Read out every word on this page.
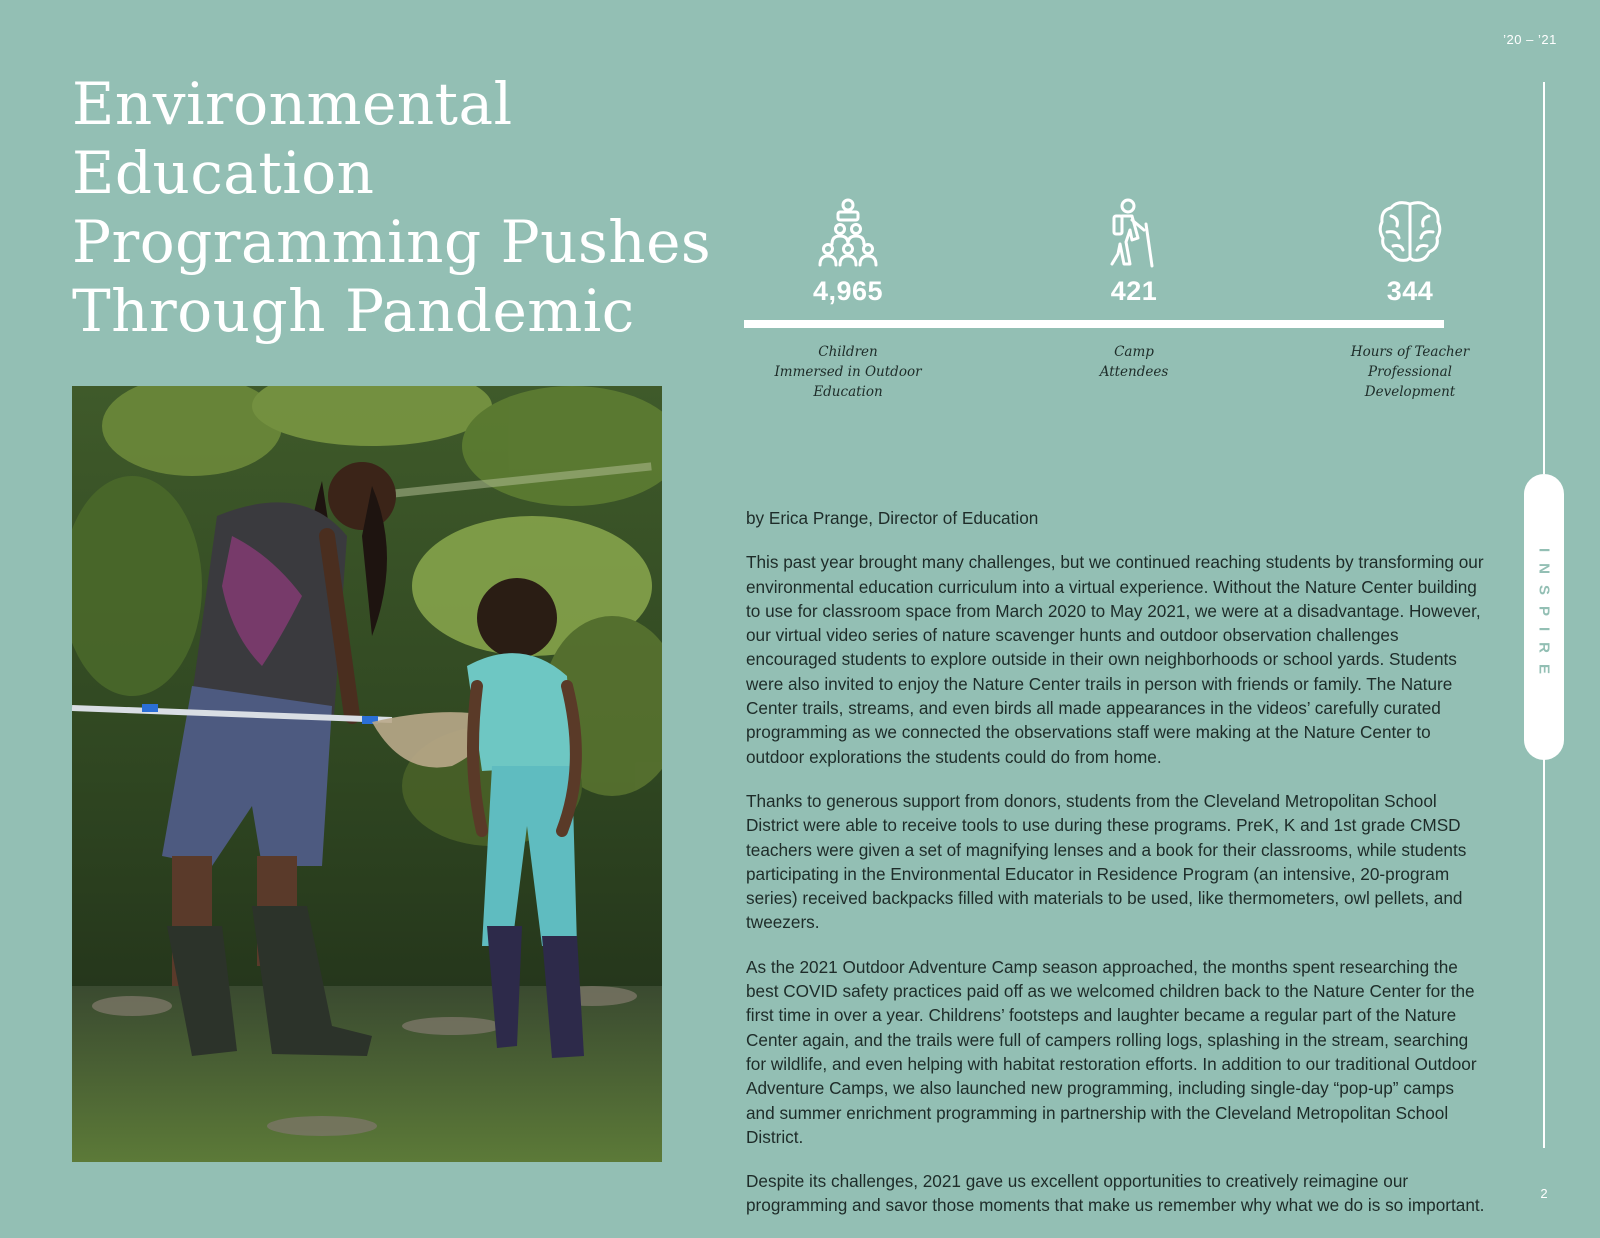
’20 – ’21
INSPIRE
Environmental
Education
Programming Pushes
Through Pandemic	4,965
Children
Immersed in Outdoor
Education
421
Camp
Attendees
344
Hours of Teacher
Professional
Development

by Erica Prange, Director of Education

This past year brought many challenges, but we continued reaching students by transforming our environmental education curriculum into a virtual experience. Without the Nature Center building to use for classroom space from March 2020 to May 2021, we were at a disadvantage. However, our virtual video series of nature scavenger hunts and outdoor observation challenges encouraged students to explore outside in their own neighborhoods or school yards. Students were also invited to enjoy the Nature Center trails in person with friends or family. The Nature Center trails, streams, and even birds all made appearances in the videos’ carefully curated programming as we connected the observations staff were making at the Nature Center to outdoor explorations the students could do from home.

Thanks to generous support from donors, students from the Cleveland Metropolitan School District were able to receive tools to use during these programs. PreK, K and 1st grade CMSD teachers were given a set of magnifying lenses and a book for their classrooms, while students participating in the Environmental Educator in Residence Program (an intensive, 20-program series) received backpacks filled with materials to be used, like thermometers, owl pellets, and tweezers.

As the 2021 Outdoor Adventure Camp season approached, the months spent researching the best COVID safety practices paid off as we welcomed children back to the Nature Center for the first time in over a year. Childrens’ footsteps and laughter became a regular part of the Nature Center again, and the trails were full of campers rolling logs, splashing in the stream, searching for wildlife, and even helping with habitat restoration efforts. In addition to our traditional Outdoor Adventure Camps, we also launched new programming, including single-day “pop-up” camps and summer enrichment programming in partnership with the Cleveland Metropolitan School District.

Despite its challenges, 2021 gave us excellent opportunities to creatively reimagine our programming and savor those moments that make us remember why what we do is so important.

2
